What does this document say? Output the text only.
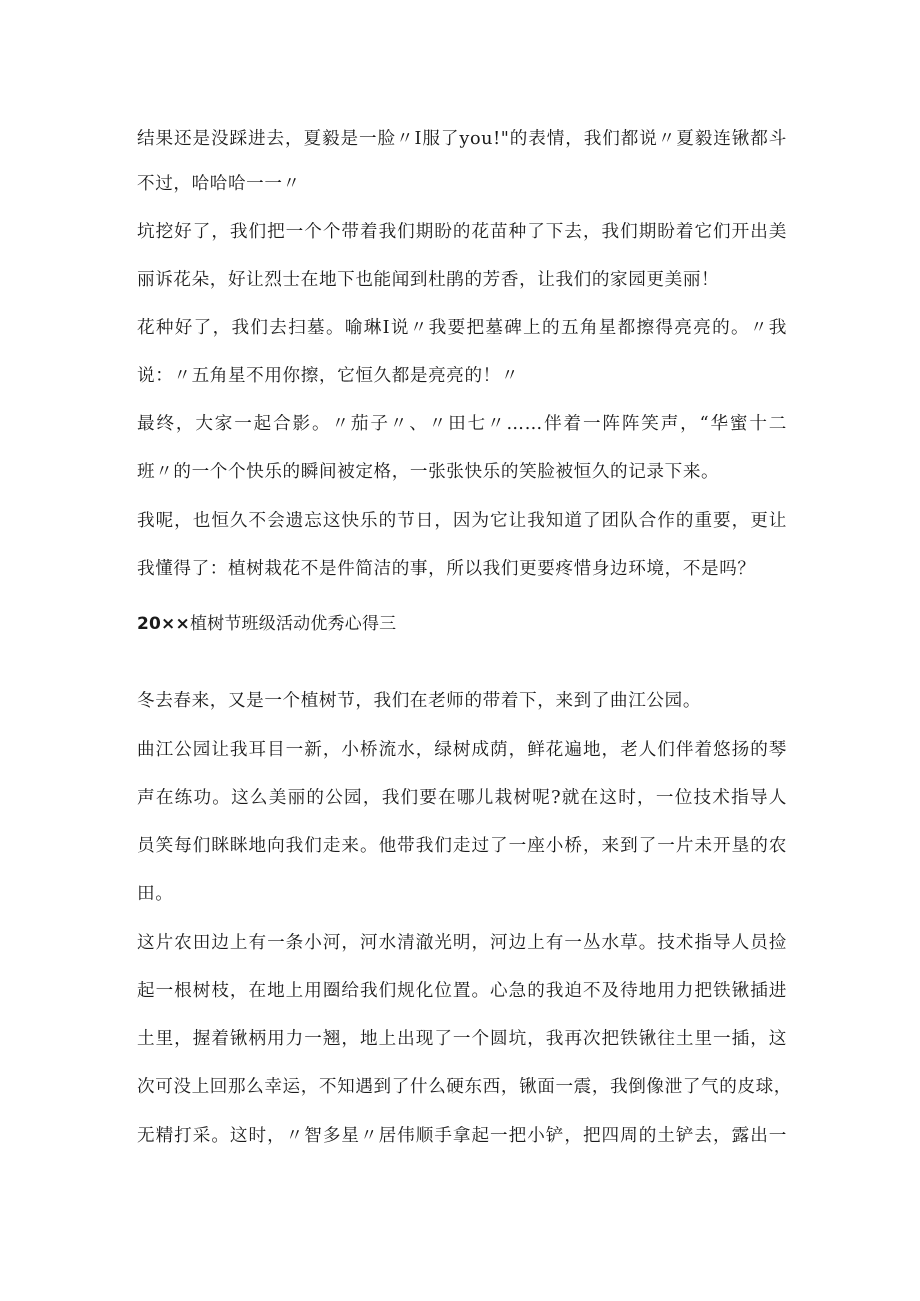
结果还是没踩进去，夏毅是一脸〃I服了you!"的表情，我们都说〃夏毅连锹都斗
不过，哈哈哈一一〃
坑挖好了，我们把一个个带着我们期盼的花苗种了下去，我们期盼着它们开出美
丽诉花朵，好让烈士在地下也能闻到杜鹃的芳香，让我们的家园更美丽！
花种好了，我们去扫墓。喻琳I说〃我要把墓碑上的五角星都擦得亮亮的。〃我
说：〃五角星不用你擦，它恒久都是亮亮的！〃
最终，大家一起合影。〃茄子〃、〃田七〃……伴着一阵阵笑声，“华蜜十二
班〃的一个个快乐的瞬间被定格，一张张快乐的笑脸被恒久的记录下来。
我呢，也恒久不会遗忘这快乐的节日，因为它让我知道了团队合作的重要，更让
我懂得了：植树栽花不是件简洁的事，所以我们更要疼惜身边环境，不是吗？
20××植树节班级活动优秀心得三
冬去春来，又是一个植树节，我们在老师的带着下，来到了曲江公园。
曲江公园让我耳目一新，小桥流水，绿树成荫，鲜花遍地，老人们伴着悠扬的琴
声在练功。这么美丽的公园，我们要在哪儿栽树呢?就在这时，一位技术指导人
员笑每们眯眯地向我们走来。他带我们走过了一座小桥，来到了一片未开垦的农
田。
这片农田边上有一条小河，河水清澈光明，河边上有一丛水草。技术指导人员捡
起一根树枝，在地上用圈给我们规化位置。心急的我迫不及待地用力把铁锹插进
土里，握着锹柄用力一翘，地上出现了一个圆坑，我再次把铁锹往土里一插，这
次可没上回那么幸运，不知遇到了什么硬东西，锹面一震，我倒像泄了气的皮球，
无精打采。这时，〃智多星〃居伟顺手拿起一把小铲，把四周的土铲去，露出一
